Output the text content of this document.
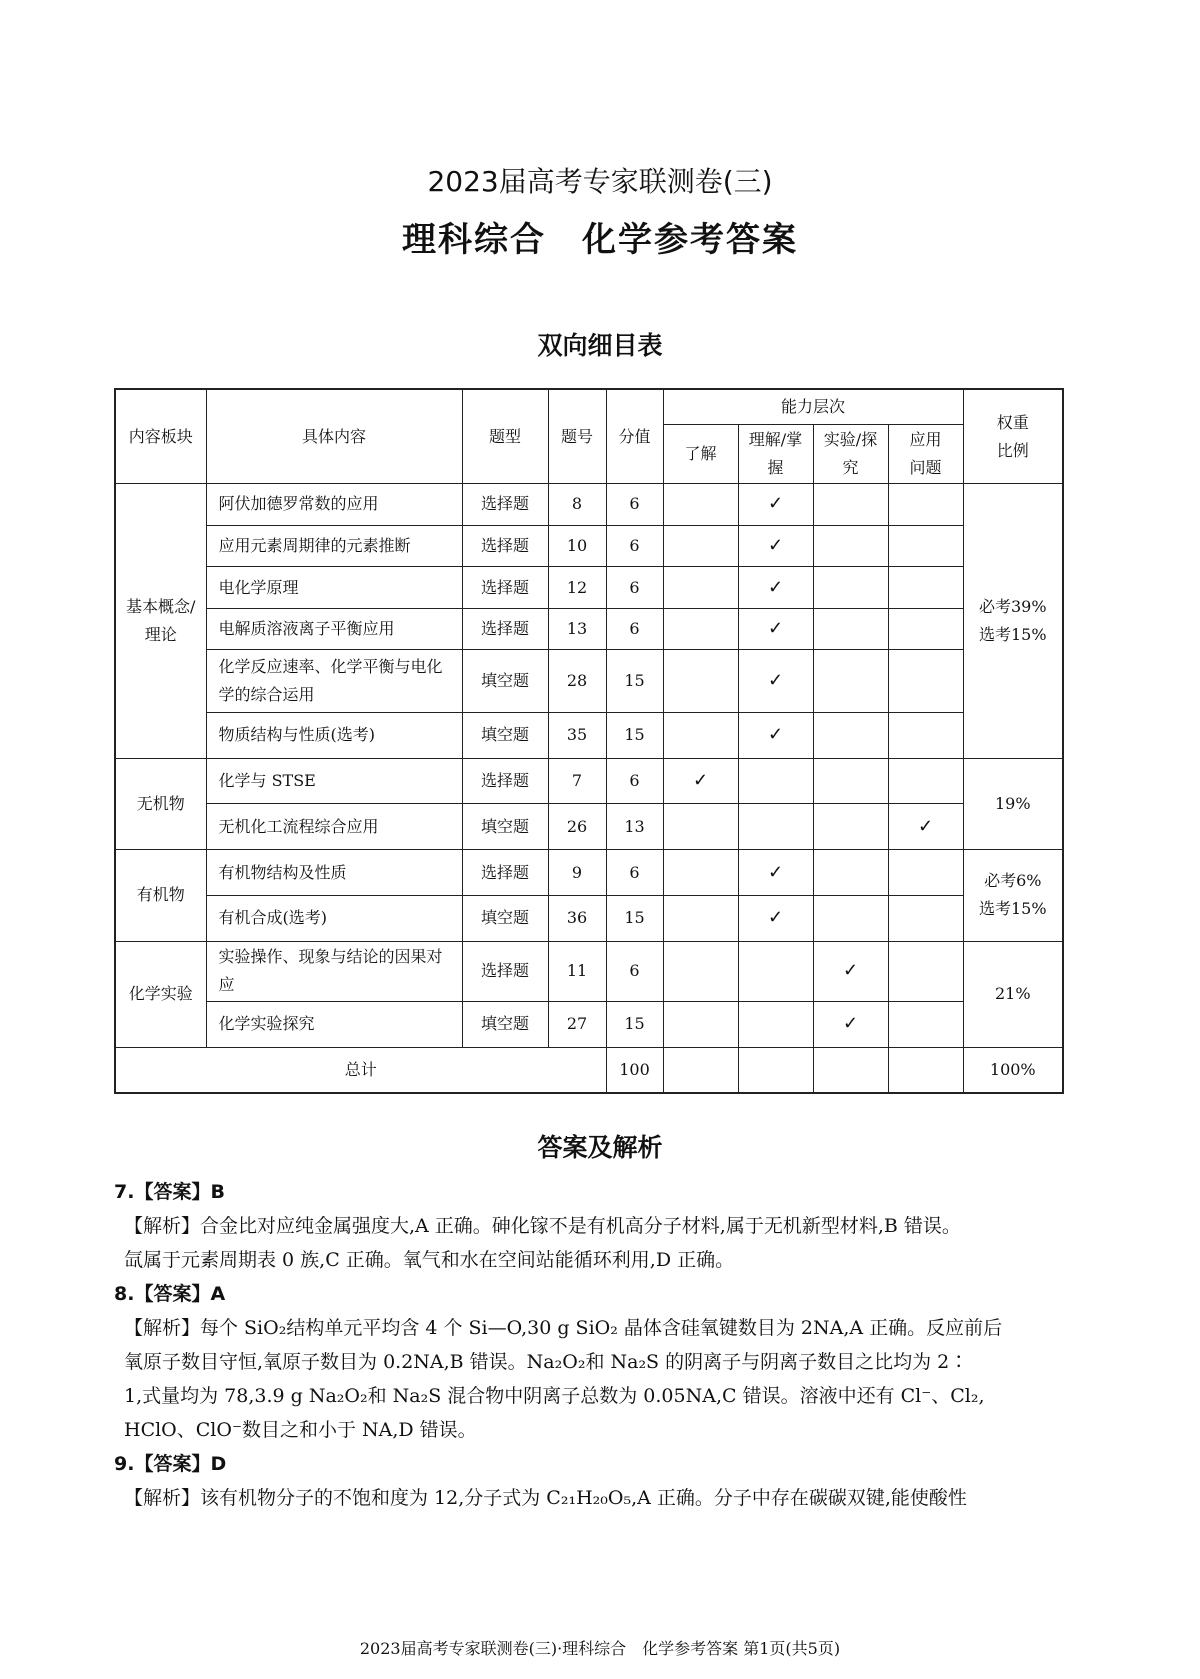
2023届高考专家联测卷(三)
理科综合　化学参考答案
双向细目表
内容板块	具体内容	题型	题号	分值	能力层次				权重比例
					了解	理解/掌握	实验/探究	应用问题	
基本概念/理论	阿伏加德罗常数的应用	选择题	8	6		✓			必考39%　选考15%
	应用元素周期律的元素推断	选择题	10	6		✓			
	电化学原理	选择题	12	6		✓			
	电解质溶液离子平衡应用	选择题	13	6		✓			
	化学反应速率、化学平衡与电化学的综合运用	填空题	28	15		✓			
	物质结构与性质(选考)	填空题	35	15		✓			
无机物	化学与 STSE	选择题	7	6	✓				19%
	无机化工流程综合应用	填空题	26	13				✓	
有机物	有机物结构及性质	选择题	9	6		✓			必考6%　选考15%
	有机合成(选考)	填空题	36	15		✓			
化学实验	实验操作、现象与结论的因果对应	选择题	11	6			✓		21%
	化学实验探究	填空题	27	15			✓		
总计				100					100%
答案及解析
7.【答案】B
【解析】合金比对应纯金属强度大,A 正确。砷化镓不是有机高分子材料,属于无机新型材料,B 错误。
氙属于元素周期表 0 族,C 正确。氧气和水在空间站能循环利用,D 正确。
8.【答案】A
【解析】每个 SiO₂结构单元平均含 4 个 Si—O,30 g SiO₂ 晶体含硅氧键数目为 2NA,A 正确。反应前后
氧原子数目守恒,氧原子数目为 0.2NA,B 错误。Na₂O₂和 Na₂S 的阴离子与阴离子数目之比均为 2∶
1,式量均为 78,3.9 g Na₂O₂和 Na₂S 混合物中阴离子总数为 0.05NA,C 错误。溶液中还有 Cl⁻、Cl₂,
HClO、ClO⁻数目之和小于 NA,D 错误。
9.【答案】D
【解析】该有机物分子的不饱和度为 12,分子式为 C₂₁H₂₀O₅,A 正确。分子中存在碳碳双键,能使酸性
2023届高考专家联测卷(三)·理科综合　化学参考答案 第1页(共5页)
